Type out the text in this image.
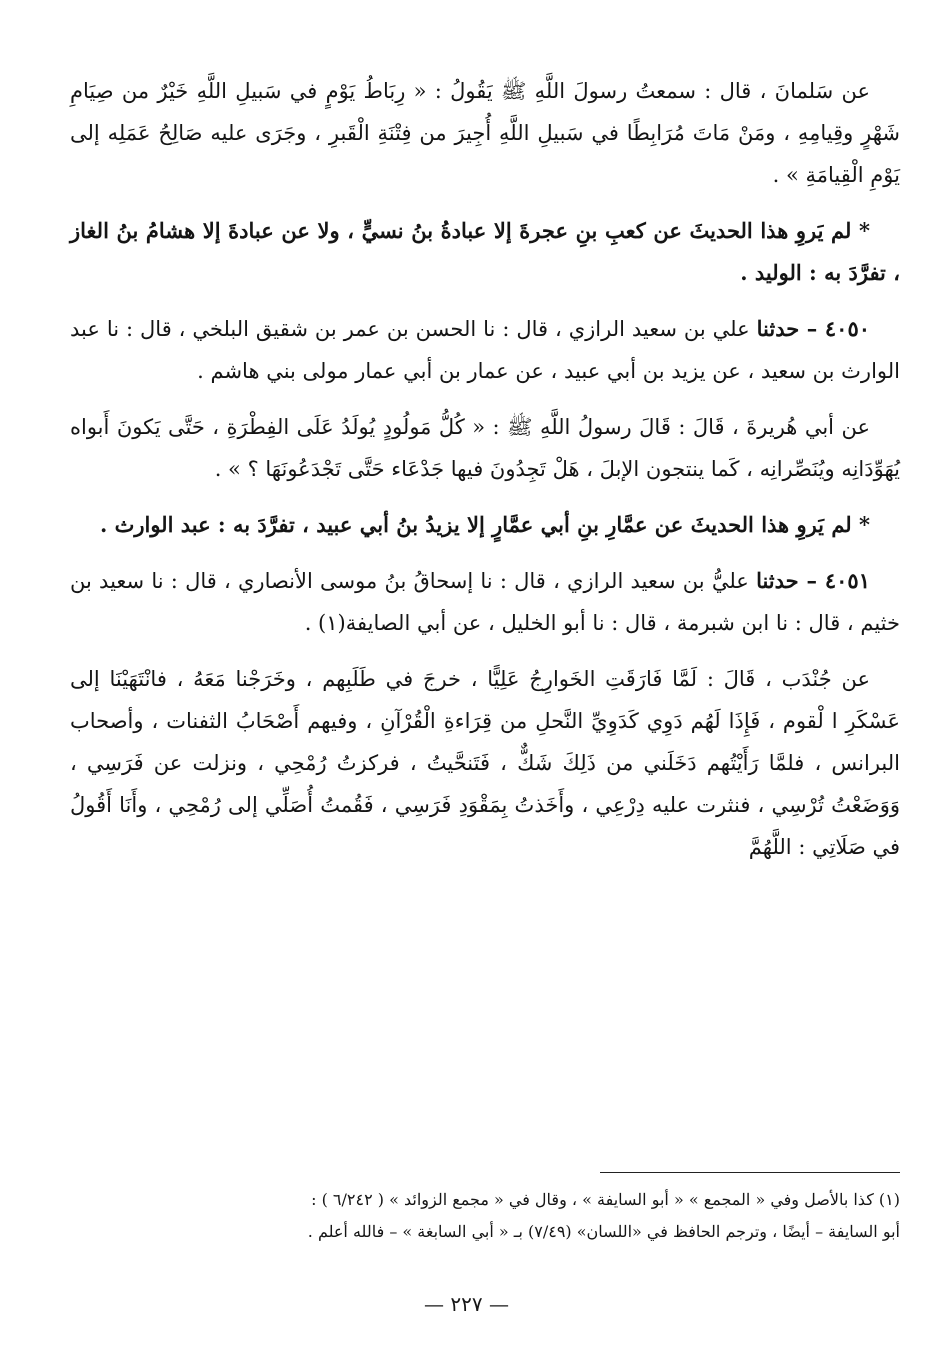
عن سَلمانَ ، قال : سمعتُ رسولَ اللَّهِ ﷺ يَقُولُ : « رِبَاطُ يَوْمٍ في سَبيلِ اللَّهِ خَيْرٌ من صِيَامِ شَهْرٍ وقِيامِهِ ، ومَنْ مَاتَ مُرَابِطًا في سَبيلِ اللَّهِ أُجِيرَ من فِتْنَةِ الْقَبرِ ، وجَرَى عليه صَالِحُ عَمَلِه إلى يَوْمِ الْقِيامَةِ » .

* لم يَروِ هذا الحديثَ عن كعبِ بنِ عجرةَ إلا عبادةُ بنُ نسيٍّ ، ولا عن عبادةَ إلا هشامُ بنُ الغاز ، تفرَّدَ به : الوليد .

٤٠٥٠ – حدثنا علي بن سعيد الرازي ، قال : نا الحسن بن عمر بن شقيق البلخي ، قال : نا عبد الوارث بن سعيد ، عن يزيد بن أبي عبيد ، عن عمار بن أبي عمار مولى بني هاشم .

عن أبي هُريرةَ ، قَالَ : قَالَ رسولُ اللَّهِ ﷺ : « كُلُّ مَولُودٍ يُولَدُ عَلَى الفِطْرَةِ ، حَتَّى يَكونَ أَبواه يُهَوِّدَانِه ويُنَصِّرانِه ، كَما ينتجون الإبلَ ، هَلْ تَجِدُونَ فيها جَدْعَاء حَتَّى تَجْدَعُونَهَا ؟ » .

* لم يَروِ هذا الحديثَ عن عمَّارِ بنِ أبي عمَّارٍ إلا يزيدُ بنُ أبي عبيد ، تفرَّدَ به : عبد الوارث .

٤٠٥١ – حدثنا عليُّ بن سعيد الرازي ، قال : نا إسحاقُ بنُ موسى الأنصاري ، قال : نا سعيد بن خثيم ، قال : نا ابن شبرمة ، قال : نا أبو الخليل ، عن أبي الصايفة(١) .

عن جُنْدَب ، قَالَ : لَمَّا فَارَقَتِ الخَوارِجُ عَلِيًّا ، خرجَ في طَلَبِهم ، وخَرَجْنا مَعَهُ ، فانْتَهَيْنَا إلى عَسْكَرِ ا لْقوم ، فَإِذَا لَهُم دَوِي كَدَوِيِّ النَّحلِ من قِرَاءةِ الْقُرْآنِ ، وفيهم أَصْحَابُ الثفنات ، وأصحاب البرانس ، فلمَّا رَأَيْتُهم دَخَلَني من ذَلِكَ شَكٌّ ، فَتَنحَّيتُ ، فركزتُ رُمْحِي ، ونزلت عن فَرَسِي ، وَوَضَعْتُ تُرْسِي ، فنثرت عليه دِرْعِي ، وأَخَذتُ بِمَقْوَدِ فَرَسِي ، فَقُمتُ أُصَلِّي إلى رُمْحِي ، وأَنَا أَقُولُ في صَلَاتِي : اللَّهُمَّ

(١) كذا بالأصل وفي « المجمع » « أبو السايفة » ، وقال في « مجمع الزوائد » ( ٦/٢٤٢ ) :
أبو السايفة – أيضًا ، وترجم الحافظ في «اللسان» (٧/٤٩) بـ « أبي السابغة » – فالله أعلم .
— ٢٢٧ —
